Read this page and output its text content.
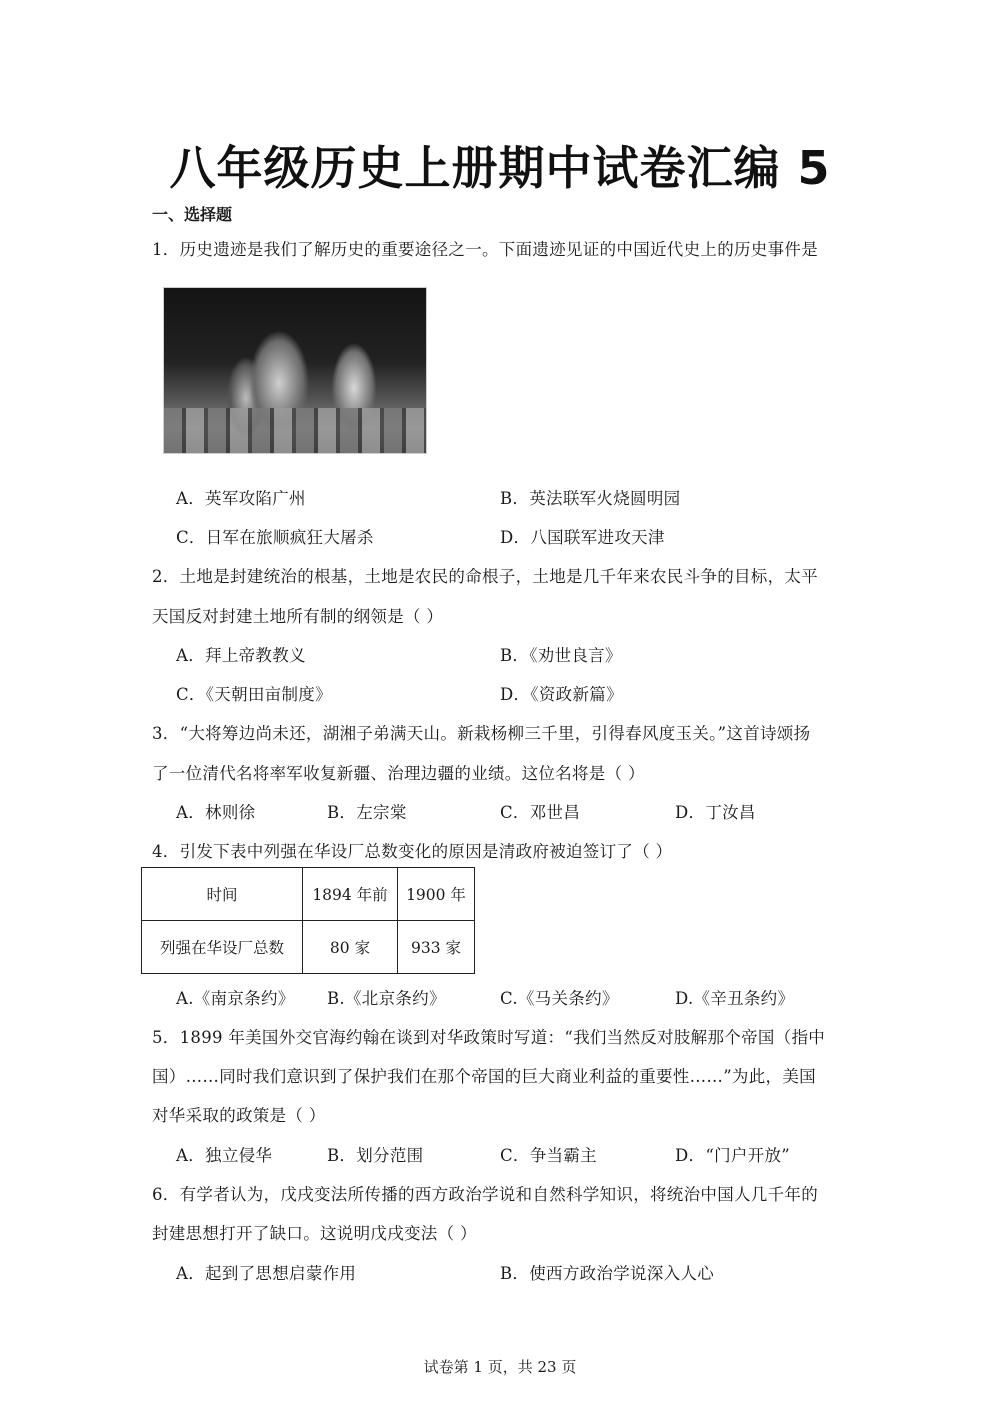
八年级历史上册期中试卷汇编 5
一、选择题
1．历史遗迹是我们了解历史的重要途径之一。下面遗迹见证的中国近代史上的历史事件是
A．英军攻陷广州	B．英法联军火烧圆明园
C．日军在旅顺疯狂大屠杀	D．八国联军进攻天津
2．土地是封建统治的根基，土地是农民的命根子，土地是几千年来农民斗争的目标，太平
天国反对封建土地所有制的纲领是（ ）
A．拜上帝教教义	B．《劝世良言》
C．《天朝田亩制度》	D．《资政新篇》
3．“大将筹边尚未还，湖湘子弟满天山。新栽杨柳三千里，引得春风度玉关。”这首诗颂扬
了一位清代名将率军收复新疆、治理边疆的业绩。这位名将是（ ）
A．林则徐	B．左宗棠	C．邓世昌	D．丁汝昌
4．引发下表中列强在华设厂总数变化的原因是清政府被迫签订了（ ）
时间	1894 年前	1900 年
列强在华设厂总数	80 家	933 家
A.《南京条约》 B.《北京条约》	C.《马关条约》	D.《辛丑条约》
5．1899 年美国外交官海约翰在谈到对华政策时写道：“我们当然反对肢解那个帝国（指中
国）……同时我们意识到了保护我们在那个帝国的巨大商业利益的重要性……”为此，美国
对华采取的政策是（ ）
A．独立侵华	B．划分范围	C．争当霸主	D．“门户开放”
6．有学者认为，戊戌变法所传播的西方政治学说和自然科学知识，将统治中国人几千年的
封建思想打开了缺口。这说明戊戌变法（ ）
A．起到了思想启蒙作用	B．使西方政治学说深入人心
试卷第 1 页，共 23 页
